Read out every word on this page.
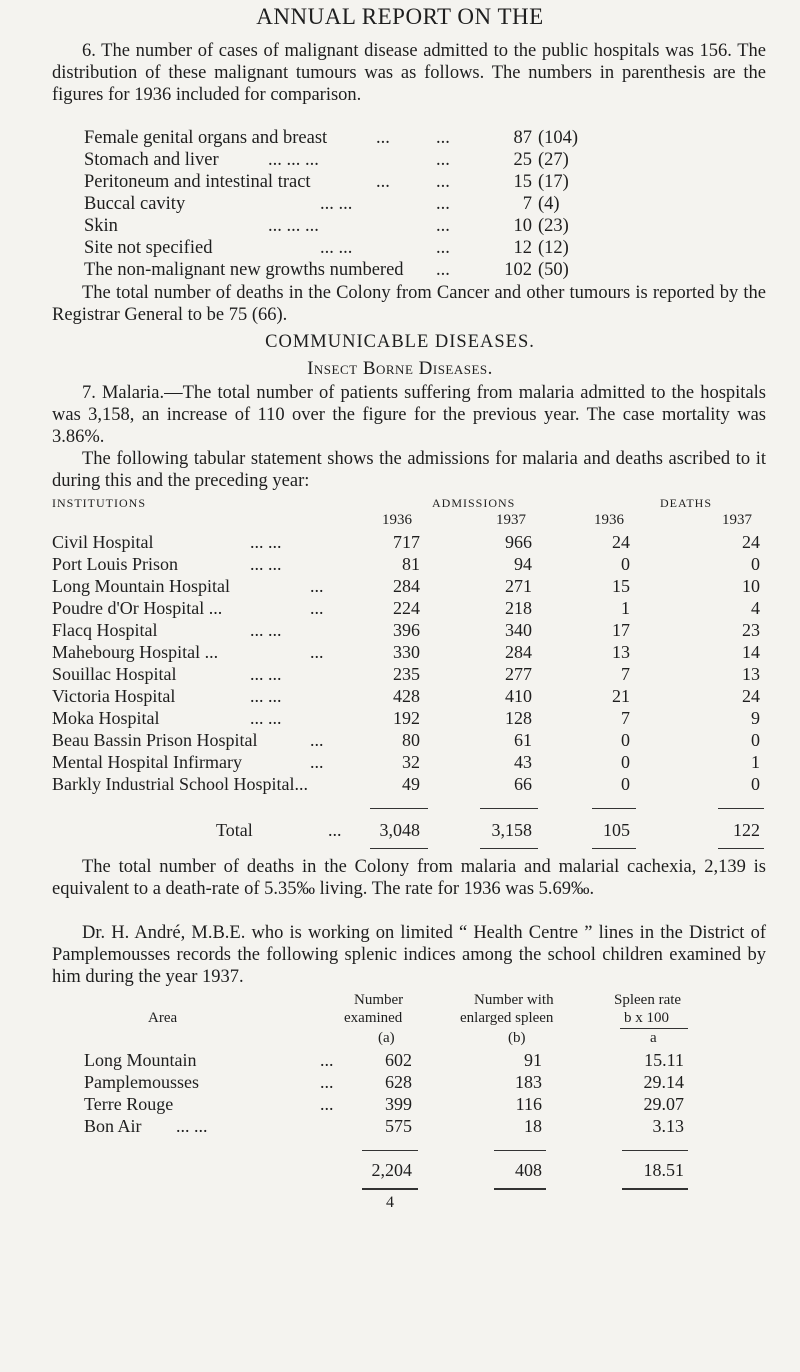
ANNUAL REPORT ON THE

6. The number of cases of malignant disease admitted to the public hospitals was 156. The distribution of these malignant tumours was as follows. The numbers in parenthesis are the figures for 1936 included for comparison.

Female genital organs and breast	... ...	87 (104)
Stomach and liver	... ... ...	...	25 (27)
Peritoneum and intestinal tract	... ...	15 (17)
Buccal cavity	... ...	...	7 (4)
Skin	... ... ...	...	10 (23)
Site not specified	... ...	...	12 (12)
The non-malignant new growths numbered ...	102 (50)

The total number of deaths in the Colony from Cancer and other tumours is reported by the Registrar General to be 75 (66).

COMMUNICABLE DISEASES.
Insect Borne Diseases.

7. Malaria.—The total number of patients suffering from malaria admitted to the hospitals was 3,158, an increase of 110 over the figure for the previous year. The case mortality was 3.86%.

The following tabular statement shows the admissions for malaria and deaths ascribed to it during this and the preceding year:

INSTITUTIONS	ADMISSIONS	DEATHS
1936	1937	1936	1937
Civil Hospital	... ...	717	966	24	24
Port Louis Prison	... ...	81	94	0	0
Long Mountain Hospital	...	284	271	15	10
Poudre d'Or Hospital ...	...	224	218	1	4
Flacq Hospital	... ...	396	340	17	23
Mahebourg Hospital ...	...	330	284	13	14
Souillac Hospital	... ...	235	277	7	13
Victoria Hospital	... ...	428	410	21	24
Moka Hospital	... ...	192	128	7	9
Beau Bassin Prison Hospital	...	80	61	0	0
Mental Hospital Infirmary	...	32	43	0	1
Barkly Industrial School Hospital...	49	66	0	0
Total	...	3,048	3,158	105	122

The total number of deaths in the Colony from malaria and malarial cachexia, 2,139 is equivalent to a death-rate of 5.35‰ living. The rate for 1936 was 5.69‰.

Dr. H. André, M.B.E. who is working on limited “ Health Centre ” lines in the District of Pamplemousses records the following splenic indices among the school children examined by him during the year 1937.

Area
Number
examined
Number with
enlarged spleen
Spleen rate
b x 100
(a)	(b)	a
Long Mountain	...	602	91	15.11
Pamplemousses	...	628	183	29.14
Terre Rouge	...	399	116	29.07
Bon Air ... ...	575	18	3.13
2,204	408	18.51
4
